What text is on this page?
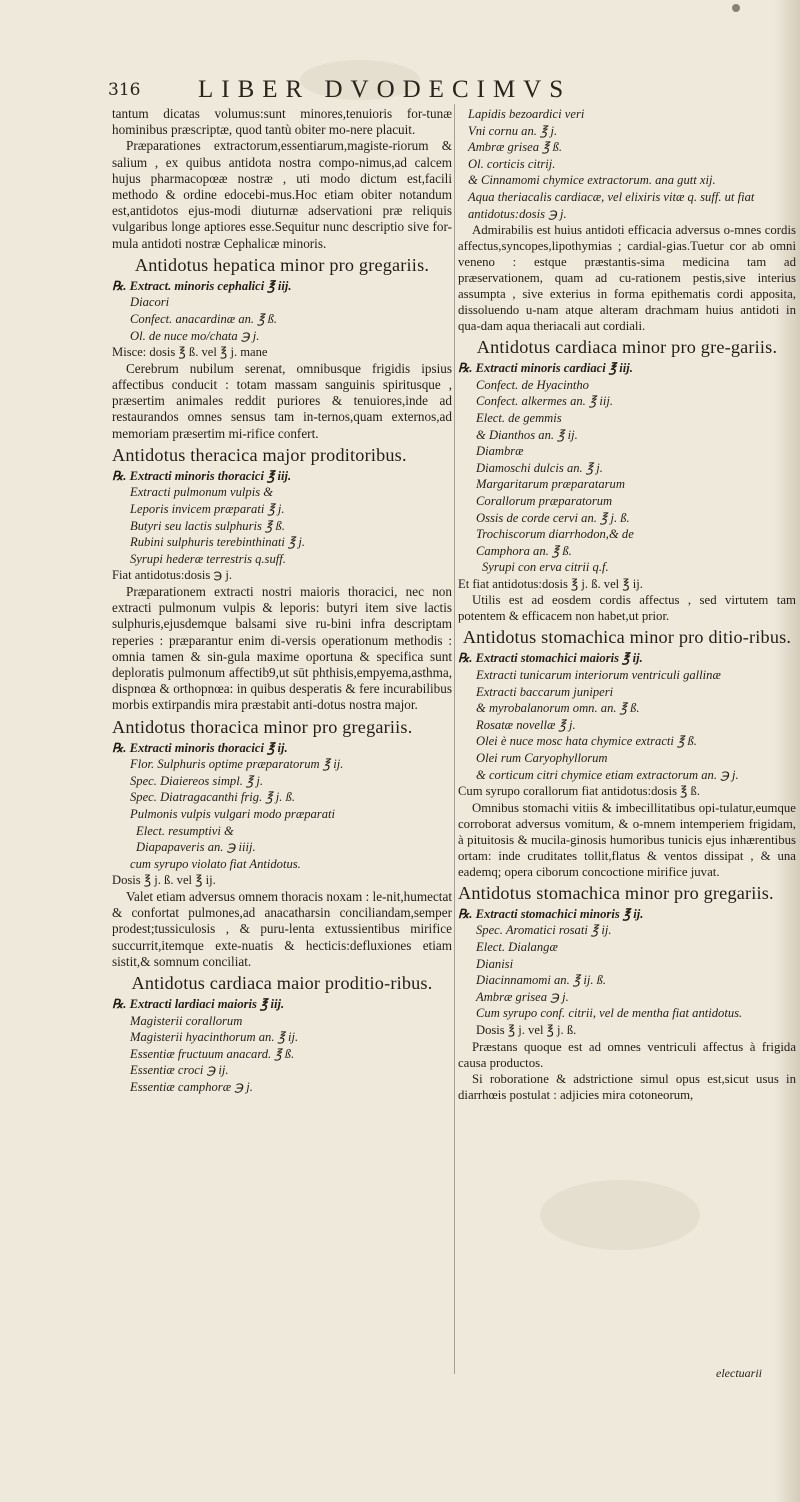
316 LIBER DVODECIMVS

tantum dicatas volumus:sunt minores,tenuioris for-tunæ hominibus præscriptæ, quod tantù obiter mo-nere placuit.

Præparationes extractorum,essentiarum,magiste-riorum & salium , ex quibus antidota nostra compo-nimus,ad calcem hujus pharmacopœæ nostræ , uti modo dictum est,facili methodo & ordine edocebi-mus.Hoc etiam obiter notandum est,antidotos ejus-modi diuturnæ adservationi præ reliquis vulgaribus longe aptiores esse.Sequitur nunc descriptio sive for-mula antidoti nostræ Cephalicæ minoris.

Antidotus hepatica minor pro gregariis.
℞. Extract. minoris cephalici ℥ iij.
Diacori
Confect. anacardinæ an. ℥ ß.
Ol. de nuce mo/chata ℈ j.
Misce: dosis ℥ ß. vel ℥ j. mane

Cerebrum nubilum serenat, omnibusque frigidis ipsius affectibus conducit : totam massam sanguinis spiritusque , præsertim animales reddit puriores & tenuiores,inde ad restaurandos omnes sensus tam in-ternos,quam externos,ad memoriam præsertim mi-rifice confert.

Antidotus theracica major proditoribus.
℞. Extracti minoris thoracici ℥ iij.
Extracti pulmonum vulpis &
Leporis invicem præparati ℥ j.
Butyri seu lactis sulphuris ℥ ß.
Rubini sulphuris terebinthinati ℥ j.
Syrupi hederæ terrestris q.suff.
Fiat antidotus:dosis ℈ j.

Præparationem extracti nostri maioris thoracici, nec non extracti pulmonum vulpis & leporis: butyri item sive lactis sulphuris,ejusdemque balsami sive ru-bini infra descriptam reperies : præparantur enim di-versis operationum methodis : omnia tamen & sin-gula maxime oportuna & specifica sunt deploratis pulmonum affectib9,ut sūt phthisis,empyema,asthma, dispnœa & orthopnœa: in quibus desperatis & fere incurabilibus morbis extirpandis mira præstabit anti-dotus nostra major.

Antidotus thoracica minor pro gregariis.
℞. Extracti minoris thoracici ℥ ij.
Flor. Sulphuris optime præparatorum ℥ ij.
Spec. Diaiereos simpl. ℥ j.
Spec. Diatragacanthi frig. ℥ j. ß.
Pulmonis vulpis vulgari modo præparati
Elect. resumptivi &
Diapapaveris an. ℈ iiij.
cum syrupo violato fiat Antidotus.
Dosis ℥ j. ß. vel ℥ ij.

Valet etiam adversus omnem thoracis noxam : le-nit,humectat & confortat pulmones,ad anacatharsin conciliandam,semper prodest;tussiculosis , & puru-lenta extussientibus mirifice succurrit,itemque exte-nuatis & hecticis:defluxiones etiam sistit,& somnum conciliat.

Antidotus cardiaca maior proditio-ribus.
℞. Extracti lardiaci maioris ℥ iij.
Magisterii corallorum
Magisterii hyacinthorum an. ℥ ij.
Essentiæ fructuum anacard. ℥ ß.
Essentiæ croci ℈ ij.
Essentiæ camphoræ ℈ j.
Lapidis bezoardici veri
Vni cornu an. ℥ j.
Ambræ grisea ℥ ß.
Ol. corticis citrij.
& Cinnamomi chymice extractorum. ana gutt xij.
Aqua theriacalis cardiacæ, vel elixiris vitæ q. suff. ut fiat antidotus:dosis ℈ j.

Admirabilis est huius antidoti efficacia adversus o-mnes cordis affectus,syncopes,lipothymias ; cardial-gias.Tuetur cor ab omni veneno : estque præstantis-sima medicina tam ad præservationem, quam ad cu-rationem pestis,sive interius assumpta , sive exterius in forma epithematis cordi apposita, dissoluendo u-nam atque alteram drachmam huius antidoti in qua-dam aqua theriacali aut cordiali.

Antidotus cardiaca minor pro gre-gariis.
℞. Extracti minoris cardiaci ℥ iij.
Confect. de Hyacintho
Confect. alkermes an. ℥ iij.
Elect. de gemmis
& Dianthos an. ℥ ij.
Diambræ
Diamoschi dulcis an. ℥ j.
Margaritarum præparatarum
Corallorum præparatorum
Ossis de corde cervi an. ℥ j. ß.
Trochiscorum diarrhodon,& de
Camphora an. ℥ ß.
Syrupi con erva citrii q.f.
Et fiat antidotus:dosis ℥ j. ß. vel ℥ ij.

Utilis est ad eosdem cordis affectus , sed virtutem tam potentem & efficacem non habet,ut prior.

Antidotus stomachica minor pro ditio-ribus.
℞. Extracti stomachici maioris ℥ ij.
Extracti tunicarum interiorum ventriculi gallinæ
Extracti baccarum juniperi
& myrobalanorum omn. an. ℥ ß.
Rosatæ novellæ ℥ j.
Olei è nuce mosc hata chymice extracti ℥ ß.
Olei rum Caryophyllorum
& corticum citri chymice etiam extractorum an. ℈ j.
Cum syrupo corallorum fiat antidotus:dosis ℥ ß.

Omnibus stomachi vitiis & imbecillitatibus opi-tulatur,eumque corroborat adversus vomitum, & o-mnem intemperiem frigidam, à pituitosis & mucila-ginosis humoribus tunicis ejus inhærentibus ortam: inde cruditates tollit,flatus & ventos dissipat , & una eademq; opera ciborum concoctione mirifice juvat.

Antidotus stomachica minor pro gregariis.
℞. Extracti stomachici minoris ℥ ij.
Spec. Aromatici rosati ℥ ij.
Elect. Dialangæ
Dianisi
Diacinnamomi an. ℥ ij. ß.
Ambræ grisea ℈ j.
Cum syrupo conf. citrii, vel de mentha fiat antidotus.
Dosis ℥ j. vel ℥ j. ß.

Præstans quoque est ad omnes ventriculi affectus à frigida causa productos.

Si roboratione & adstrictione simul opus est,sicut usus in diarrhœis postulat : adjicies mira cotoneorum,

electuarii
